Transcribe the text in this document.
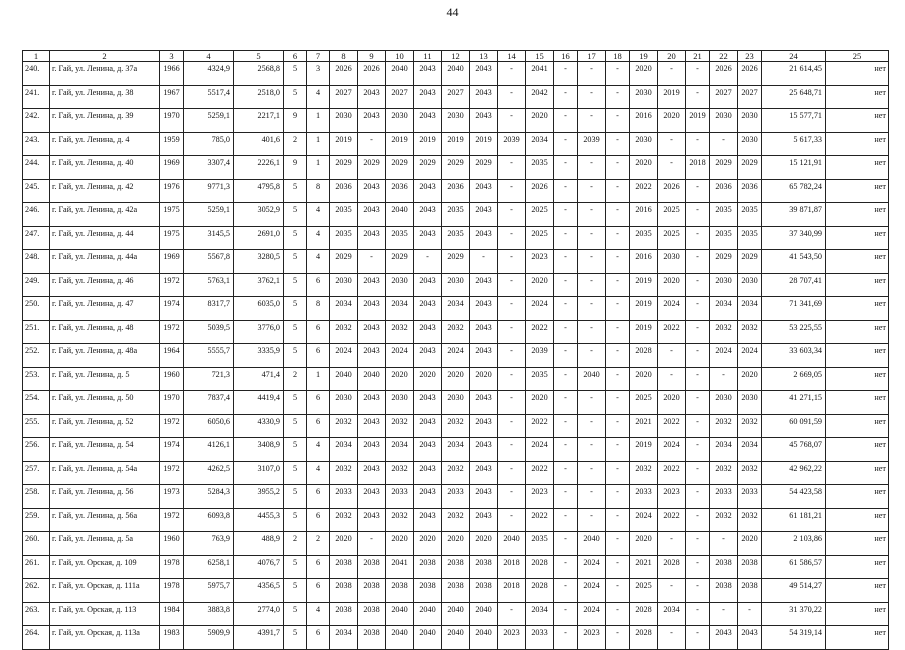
44
1	2	3	4	5	6	7	8	9	10	11	12	13	14	15	16	17	18	19	20	21	22	23	24	25
240.	г. Гай, ул. Ленина, д. 37а	1966	4324,9	2568,8	5	3	2026	2026	2040	2043	2040	2043	-	2041	-	-	-	2020	-	-	2026	2026	21 614,45	нет
241.	г. Гай, ул. Ленина, д. 38	1967	5517,4	2518,0	5	4	2027	2043	2027	2043	2027	2043	-	2042	-	-	-	2030	2019	-	2027	2027	25 648,71	нет
242.	г. Гай, ул. Ленина, д. 39	1970	5259,1	2217,1	9	1	2030	2043	2030	2043	2030	2043	-	2020	-	-	-	2016	2020	2019	2030	2030	15 577,71	нет
243.	г. Гай, ул. Ленина, д. 4	1959	785,0	401,6	2	1	2019	-	2019	2019	2019	2019	2039	2034	-	2039	-	2030	-	-	-	2030	5 617,33	нет
244.	г. Гай, ул. Ленина, д. 40	1969	3307,4	2226,1	9	1	2029	2029	2029	2029	2029	2029	-	2035	-	-	-	2020	-	2018	2029	2029	15 121,91	нет
245.	г. Гай, ул. Ленина, д. 42	1976	9771,3	4795,8	5	8	2036	2043	2036	2043	2036	2043	-	2026	-	-	-	2022	2026	-	2036	2036	65 782,24	нет
246.	г. Гай, ул. Ленина, д. 42а	1975	5259,1	3052,9	5	4	2035	2043	2040	2043	2035	2043	-	2025	-	-	-	2016	2025	-	2035	2035	39 871,87	нет
247.	г. Гай, ул. Ленина, д. 44	1975	3145,5	2691,0	5	4	2035	2043	2035	2043	2035	2043	-	2025	-	-	-	2035	2025	-	2035	2035	37 340,99	нет
248.	г. Гай, ул. Ленина, д. 44а	1969	5567,8	3280,5	5	4	2029	-	2029	-	2029	-	-	2023	-	-	-	2016	2030	-	2029	2029	41 543,50	нет
249.	г. Гай, ул. Ленина, д. 46	1972	5763,1	3762,1	5	6	2030	2043	2030	2043	2030	2043	-	2020	-	-	-	2019	2020	-	2030	2030	28 707,41	нет
250.	г. Гай, ул. Ленина, д. 47	1974	8317,7	6035,0	5	8	2034	2043	2034	2043	2034	2043	-	2024	-	-	-	2019	2024	-	2034	2034	71 341,69	нет
251.	г. Гай, ул. Ленина, д. 48	1972	5039,5	3776,0	5	6	2032	2043	2032	2043	2032	2043	-	2022	-	-	-	2019	2022	-	2032	2032	53 225,55	нет
252.	г. Гай, ул. Ленина, д. 48а	1964	5555,7	3335,9	5	6	2024	2043	2024	2043	2024	2043	-	2039	-	-	-	2028	-	-	2024	2024	33 603,34	нет
253.	г. Гай, ул. Ленина, д. 5	1960	721,3	471,4	2	1	2040	2040	2020	2020	2020	2020	-	2035	-	2040	-	2020	-	-	-	2020	2 669,05	нет
254.	г. Гай, ул. Ленина, д. 50	1970	7837,4	4419,4	5	6	2030	2043	2030	2043	2030	2043	-	2020	-	-	-	2025	2020	-	2030	2030	41 271,15	нет
255.	г. Гай, ул. Ленина, д. 52	1972	6050,6	4330,9	5	6	2032	2043	2032	2043	2032	2043	-	2022	-	-	-	2021	2022	-	2032	2032	60 091,59	нет
256.	г. Гай, ул. Ленина, д. 54	1974	4126,1	3408,9	5	4	2034	2043	2034	2043	2034	2043	-	2024	-	-	-	2019	2024	-	2034	2034	45 768,07	нет
257.	г. Гай, ул. Ленина, д. 54а	1972	4262,5	3107,0	5	4	2032	2043	2032	2043	2032	2043	-	2022	-	-	-	2032	2022	-	2032	2032	42 962,22	нет
258.	г. Гай, ул. Ленина, д. 56	1973	5284,3	3955,2	5	6	2033	2043	2033	2043	2033	2043	-	2023	-	-	-	2033	2023	-	2033	2033	54 423,58	нет
259.	г. Гай, ул. Ленина, д. 56а	1972	6093,8	4455,3	5	6	2032	2043	2032	2043	2032	2043	-	2022	-	-	-	2024	2022	-	2032	2032	61 181,21	нет
260.	г. Гай, ул. Ленина, д. 5а	1960	763,9	488,9	2	2	2020	-	2020	2020	2020	2020	2040	2035	-	2040	-	2020	-	-	-	2020	2 103,86	нет
261.	г. Гай, ул. Орская, д. 109	1978	6258,1	4076,7	5	6	2038	2038	2041	2038	2038	2038	2018	2028	-	2024	-	2021	2028	-	2038	2038	61 586,57	нет
262.	г. Гай, ул. Орская, д. 111а	1978	5975,7	4356,5	5	6	2038	2038	2038	2038	2038	2038	2018	2028	-	2024	-	2025	-	-	2038	2038	49 514,27	нет
263.	г. Гай, ул. Орская, д. 113	1984	3883,8	2774,0	5	4	2038	2038	2040	2040	2040	2040	-	2034	-	2024	-	2028	2034	-	-	-	31 370,22	нет
264.	г. Гай, ул. Орская, д. 113а	1983	5909,9	4391,7	5	6	2034	2038	2040	2040	2040	2040	2023	2033	-	2023	-	2028	-	-	2043	2043	54 319,14	нет
